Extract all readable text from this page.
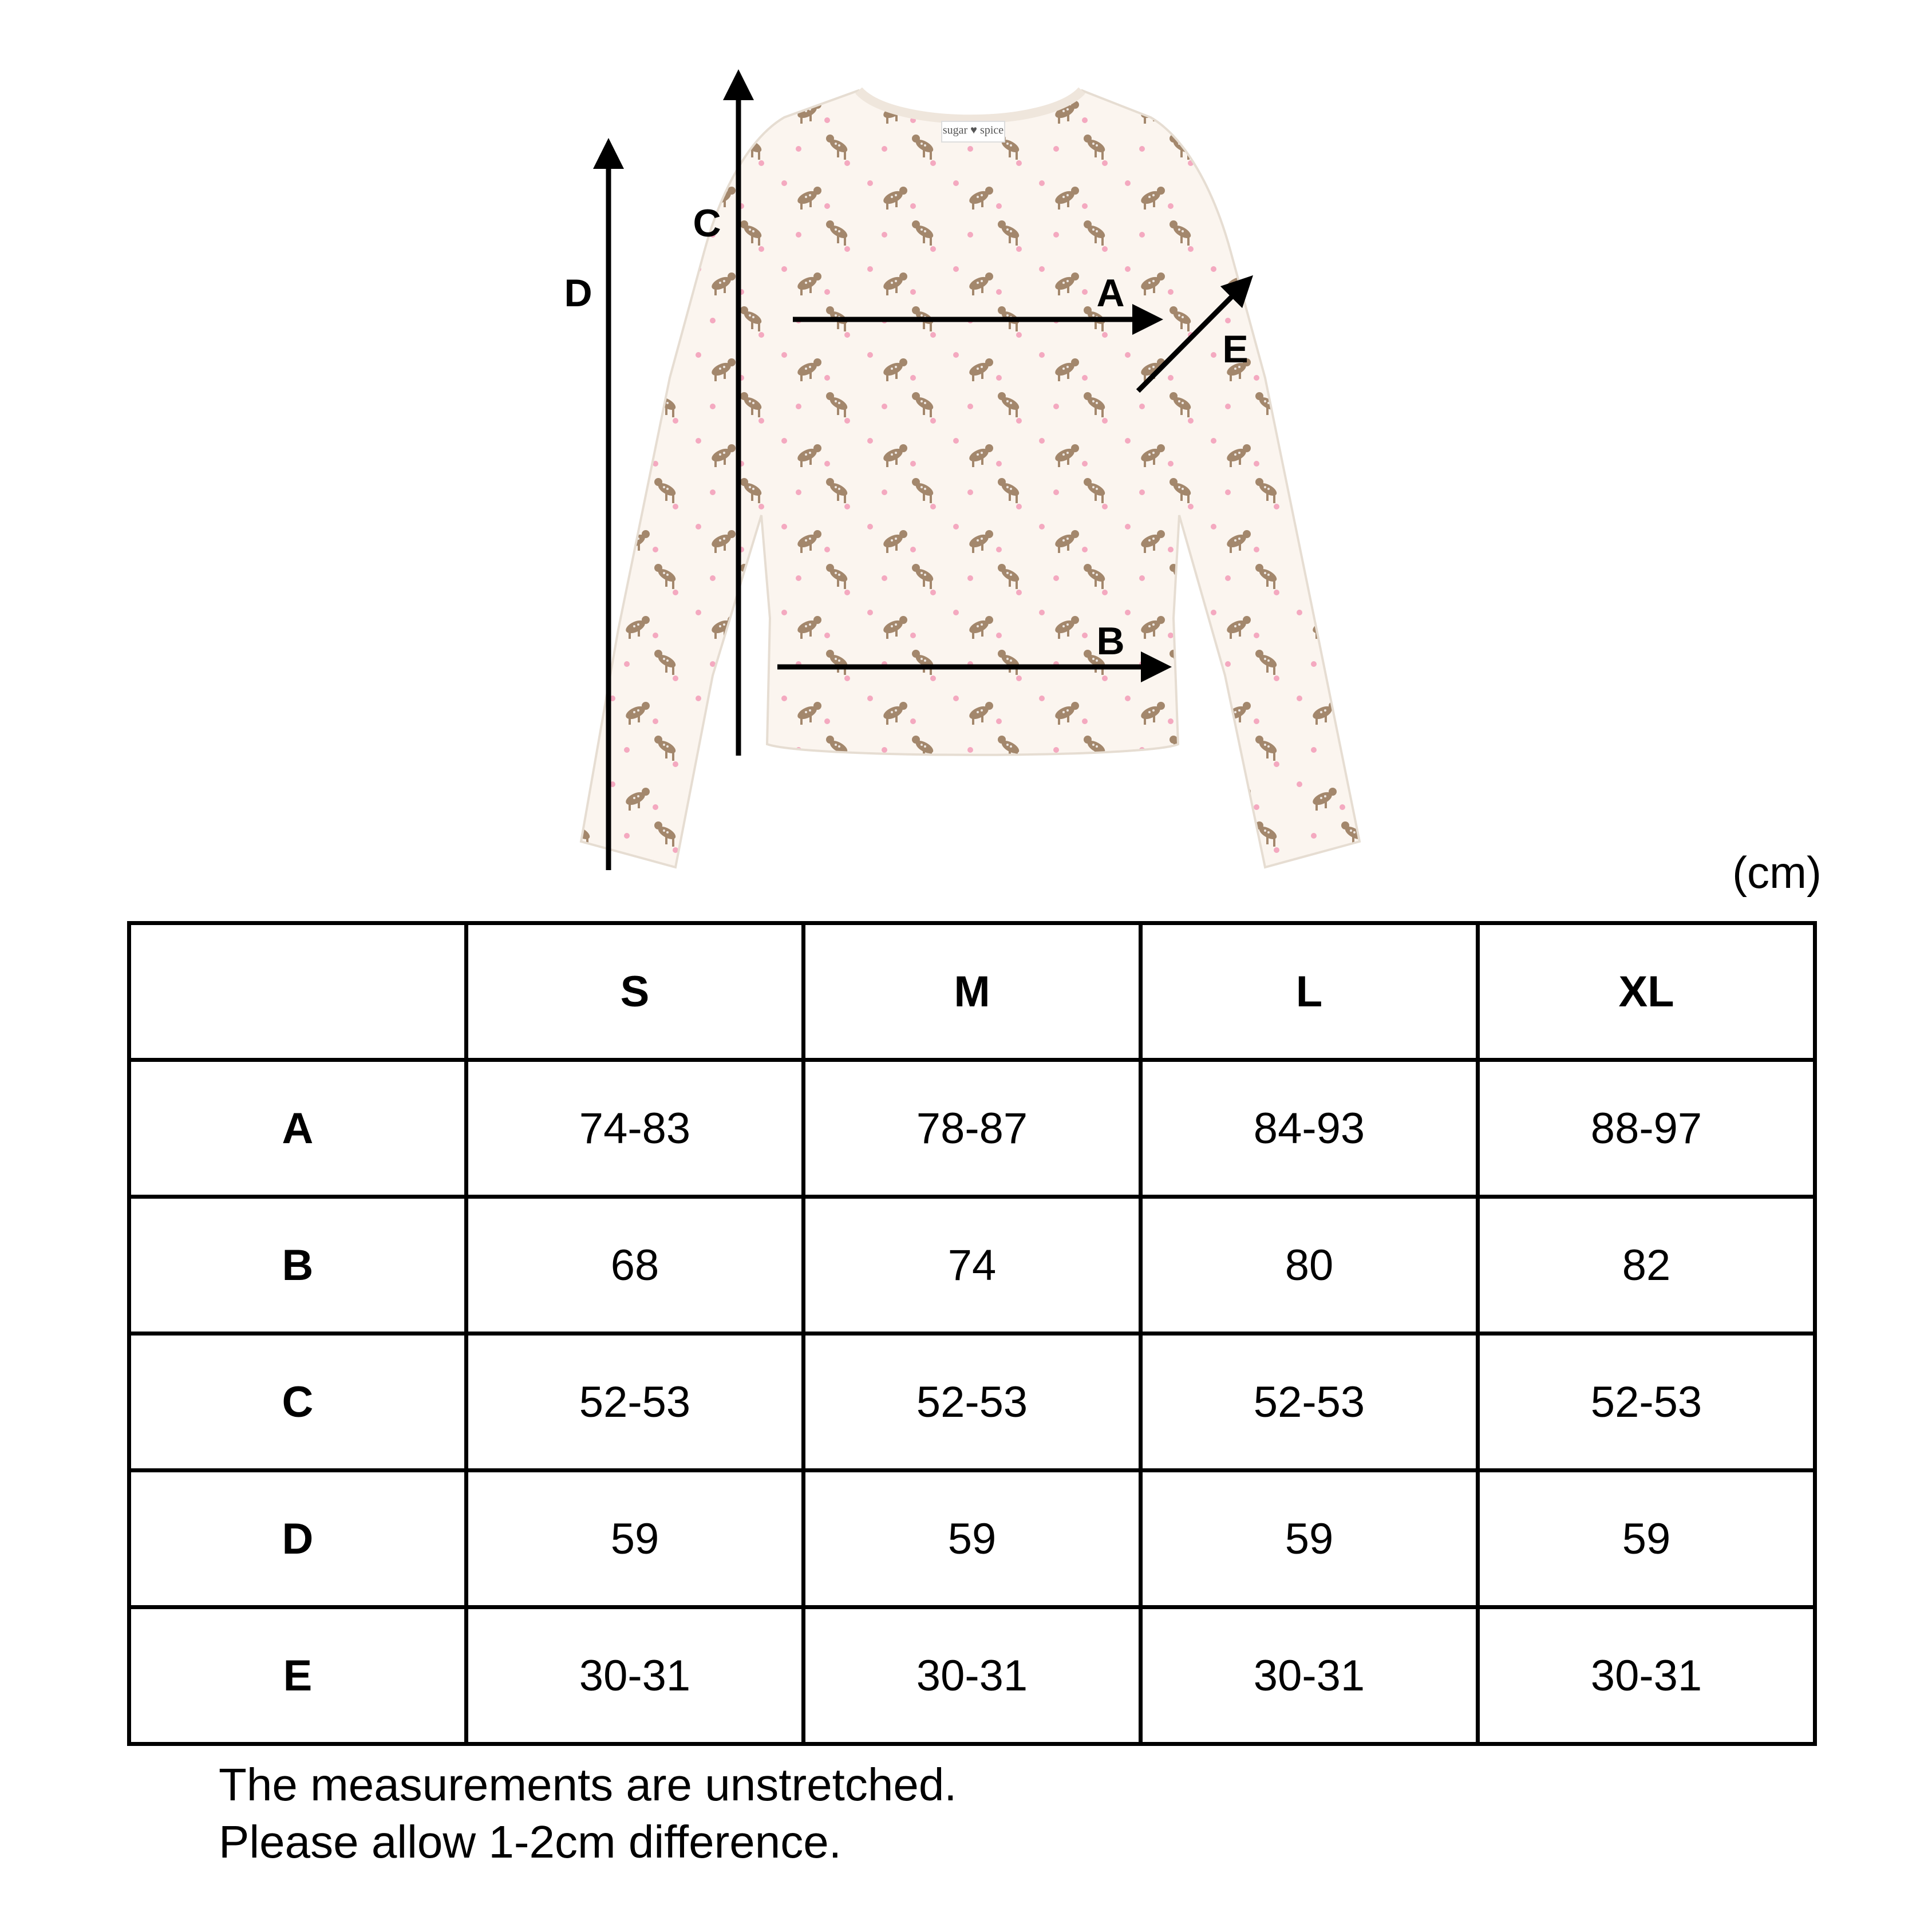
sugar ♥ spice
D
C
A
B
E
(cm)
	S	M	L	XL
A	74-83	78-87	84-93	88-97
B	68	74	80	82
C	52-53	52-53	52-53	52-53
D	59	59	59	59
E	30-31	30-31	30-31	30-31
The measurements are unstretched.
Please allow 1-2cm difference.
